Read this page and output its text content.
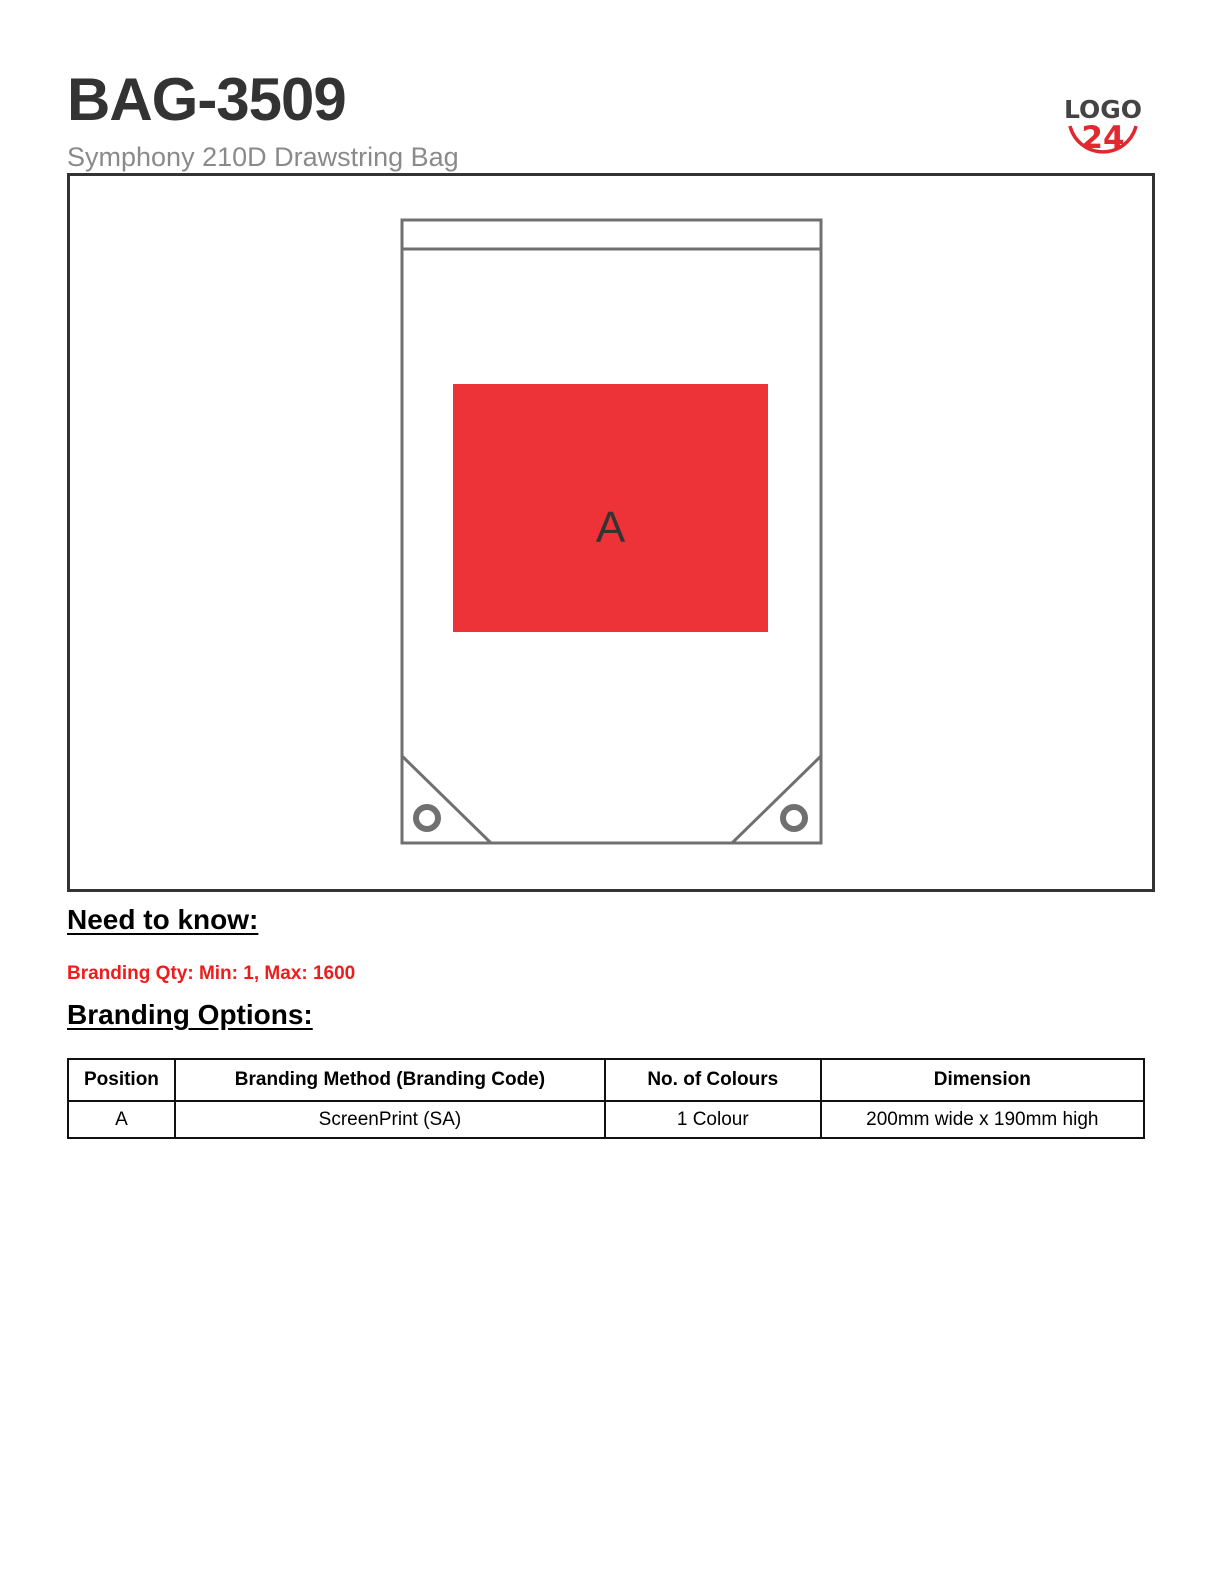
BAG-3509
Symphony 210D Drawstring Bag
LOGO
24
A
Need to know:
Branding Qty: Min: 1, Max: 1600
Branding Options:
Position	Branding Method (Branding Code)	No. of Colours	Dimension
A	ScreenPrint (SA)	1 Colour	200mm wide x 190mm high
